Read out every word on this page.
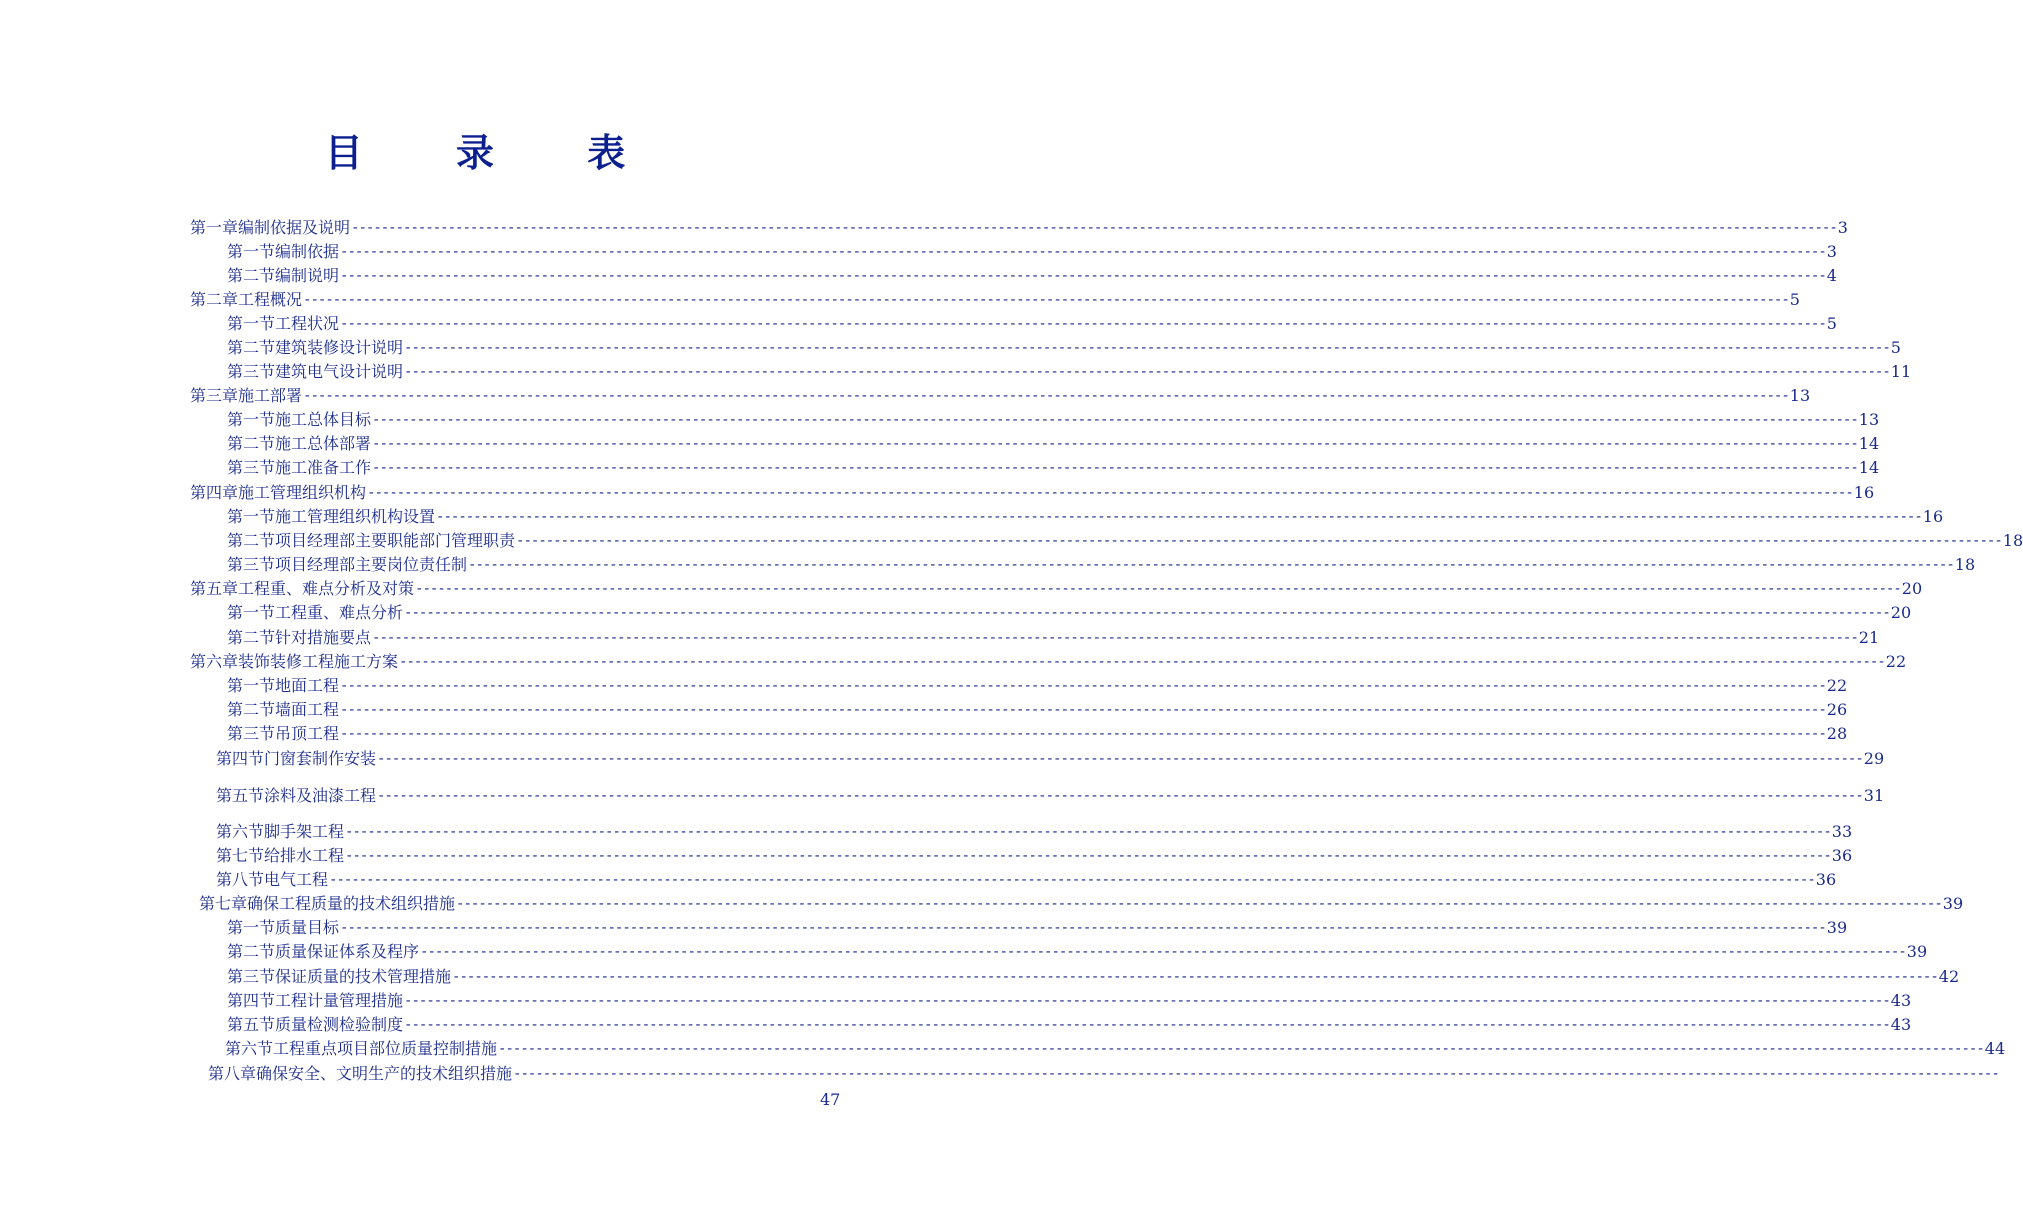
目 录 表
第一章 编制依据及说明 -------------------------------------------------------------------------------------------------------------------------------------------------------------------------------------------------------- 3
第一节 编制依据 -------------------------------------------------------------------------------------------------------------------------------------------------------------------------------------------------------- 3
第二节 编制说明 -------------------------------------------------------------------------------------------------------------------------------------------------------------------------------------------------------- 4
第二章 工程概况 -------------------------------------------------------------------------------------------------------------------------------------------------------------------------------------------------------- 5
第一节 工程状况 -------------------------------------------------------------------------------------------------------------------------------------------------------------------------------------------------------- 5
第二节 建筑装修设计说明 -------------------------------------------------------------------------------------------------------------------------------------------------------------------------------------------------------- 5
第三节 建筑电气设计说明 -------------------------------------------------------------------------------------------------------------------------------------------------------------------------------------------------------- 11
第三章 施工部署 -------------------------------------------------------------------------------------------------------------------------------------------------------------------------------------------------------- 13
第一节 施工总体目标 -------------------------------------------------------------------------------------------------------------------------------------------------------------------------------------------------------- 13
第二节 施工总体部署 -------------------------------------------------------------------------------------------------------------------------------------------------------------------------------------------------------- 14
第三节 施工准备工作 -------------------------------------------------------------------------------------------------------------------------------------------------------------------------------------------------------- 14
第四章 施工管理组织机构 -------------------------------------------------------------------------------------------------------------------------------------------------------------------------------------------------------- 16
第一节 施工管理组织机构设置 -------------------------------------------------------------------------------------------------------------------------------------------------------------------------------------------------------- 16
第二节 项目经理部主要职能部门管理职责 -------------------------------------------------------------------------------------------------------------------------------------------------------------------------------------------------------- 18
第三节 项目经理部主要岗位责任制 -------------------------------------------------------------------------------------------------------------------------------------------------------------------------------------------------------- 18
第五章 工程重、难点分析及对策 -------------------------------------------------------------------------------------------------------------------------------------------------------------------------------------------------------- 20
第一节 工程重、难点分析 -------------------------------------------------------------------------------------------------------------------------------------------------------------------------------------------------------- 20
第二节 针对措施要点 -------------------------------------------------------------------------------------------------------------------------------------------------------------------------------------------------------- 21
第六章 装饰装修工程施工方案 -------------------------------------------------------------------------------------------------------------------------------------------------------------------------------------------------------- 22
第一节 地面工程 -------------------------------------------------------------------------------------------------------------------------------------------------------------------------------------------------------- 22
第二节 墙面工程 -------------------------------------------------------------------------------------------------------------------------------------------------------------------------------------------------------- 26
第三节 吊顶工程 -------------------------------------------------------------------------------------------------------------------------------------------------------------------------------------------------------- 28
第四节 门窗套制作安装 -------------------------------------------------------------------------------------------------------------------------------------------------------------------------------------------------------- 29
第五节 涂料及油漆工程 -------------------------------------------------------------------------------------------------------------------------------------------------------------------------------------------------------- 31
第六节 脚手架工程 -------------------------------------------------------------------------------------------------------------------------------------------------------------------------------------------------------- 33
第七节 给排水工程 -------------------------------------------------------------------------------------------------------------------------------------------------------------------------------------------------------- 36
第八节 电气工程 -------------------------------------------------------------------------------------------------------------------------------------------------------------------------------------------------------- 36
第七章 确保工程质量的技术组织措施 -------------------------------------------------------------------------------------------------------------------------------------------------------------------------------------------------------- 39
第一节 质量目标 -------------------------------------------------------------------------------------------------------------------------------------------------------------------------------------------------------- 39
第二节 质量保证体系及程序 -------------------------------------------------------------------------------------------------------------------------------------------------------------------------------------------------------- 39
第三节 保证质量的技术管理措施 -------------------------------------------------------------------------------------------------------------------------------------------------------------------------------------------------------- 42
第四节 工程计量管理措施 -------------------------------------------------------------------------------------------------------------------------------------------------------------------------------------------------------- 43
第五节 质量检测检验制度 -------------------------------------------------------------------------------------------------------------------------------------------------------------------------------------------------------- 43
第六节 工程重点项目部位质量控制措施 -------------------------------------------------------------------------------------------------------------------------------------------------------------------------------------------------------- 44
第八章 确保安全、文明生产的技术组织措施 --------------------------------------------------------------------------------------------------------------------------------------------------------------------------------------------------------
47
